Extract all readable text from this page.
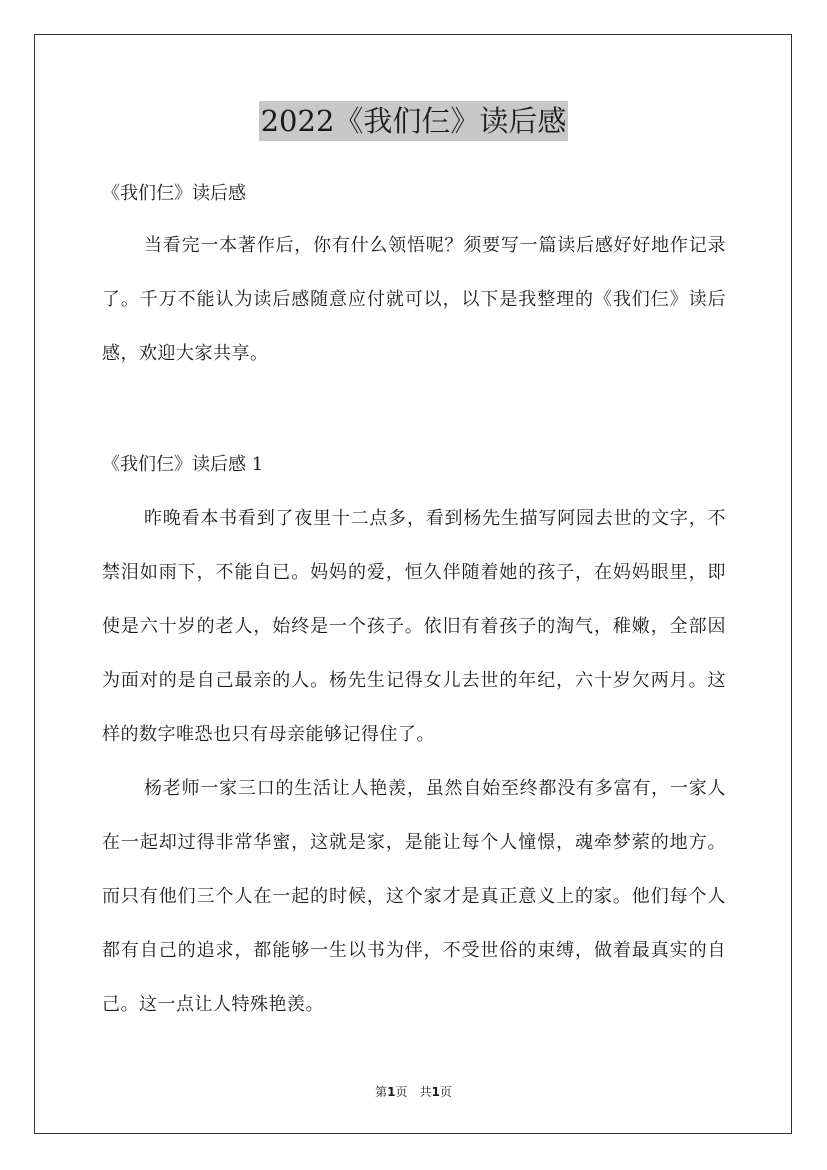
2022《我们仨》读后感
《我们仨》读后感

当看完一本著作后，你有什么领悟呢？须要写一篇读后感好好地作记录了。千万不能认为读后感随意应付就可以，以下是我整理的《我们仨》读后感，欢迎大家共享。

《我们仨》读后感 1

昨晚看本书看到了夜里十二点多，看到杨先生描写阿园去世的文字，不禁泪如雨下，不能自已。妈妈的爱，恒久伴随着她的孩子，在妈妈眼里，即使是六十岁的老人，始终是一个孩子。依旧有着孩子的淘气，稚嫩，全部因为面对的是自己最亲的人。杨先生记得女儿去世的年纪，六十岁欠两月。这样的数字唯恐也只有母亲能够记得住了。

杨老师一家三口的生活让人艳羡，虽然自始至终都没有多富有，一家人在一起却过得非常华蜜，这就是家，是能让每个人憧憬，魂牵梦萦的地方。而只有他们三个人在一起的时候，这个家才是真正意义上的家。他们每个人都有自己的追求，都能够一生以书为伴，不受世俗的束缚，做着最真实的自己。这一点让人特殊艳羡。

第1页 共1页
